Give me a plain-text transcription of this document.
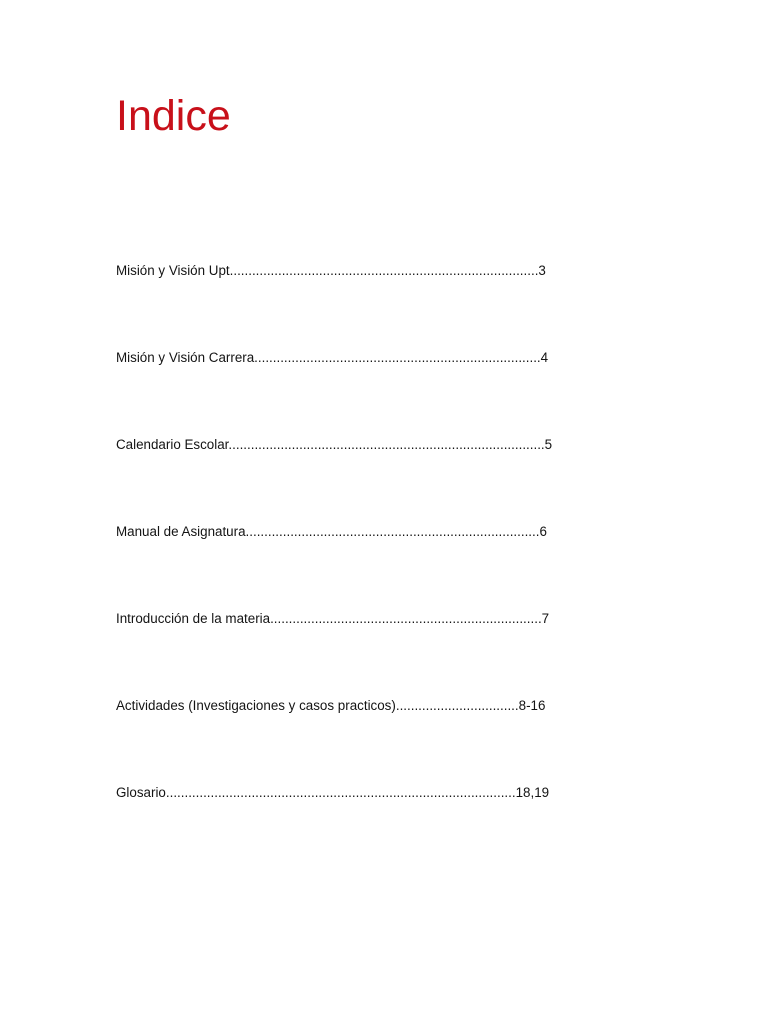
Indice
Misión y Visión Upt...................................................................................3
Misión y Visión Carrera.............................................................................4
Calendario Escolar.....................................................................................5
Manual de Asignatura...............................................................................6
Introducción de la materia.........................................................................7
Actividades (Investigaciones y casos practicos).................................8-16
Glosario..............................................................................................18,19
